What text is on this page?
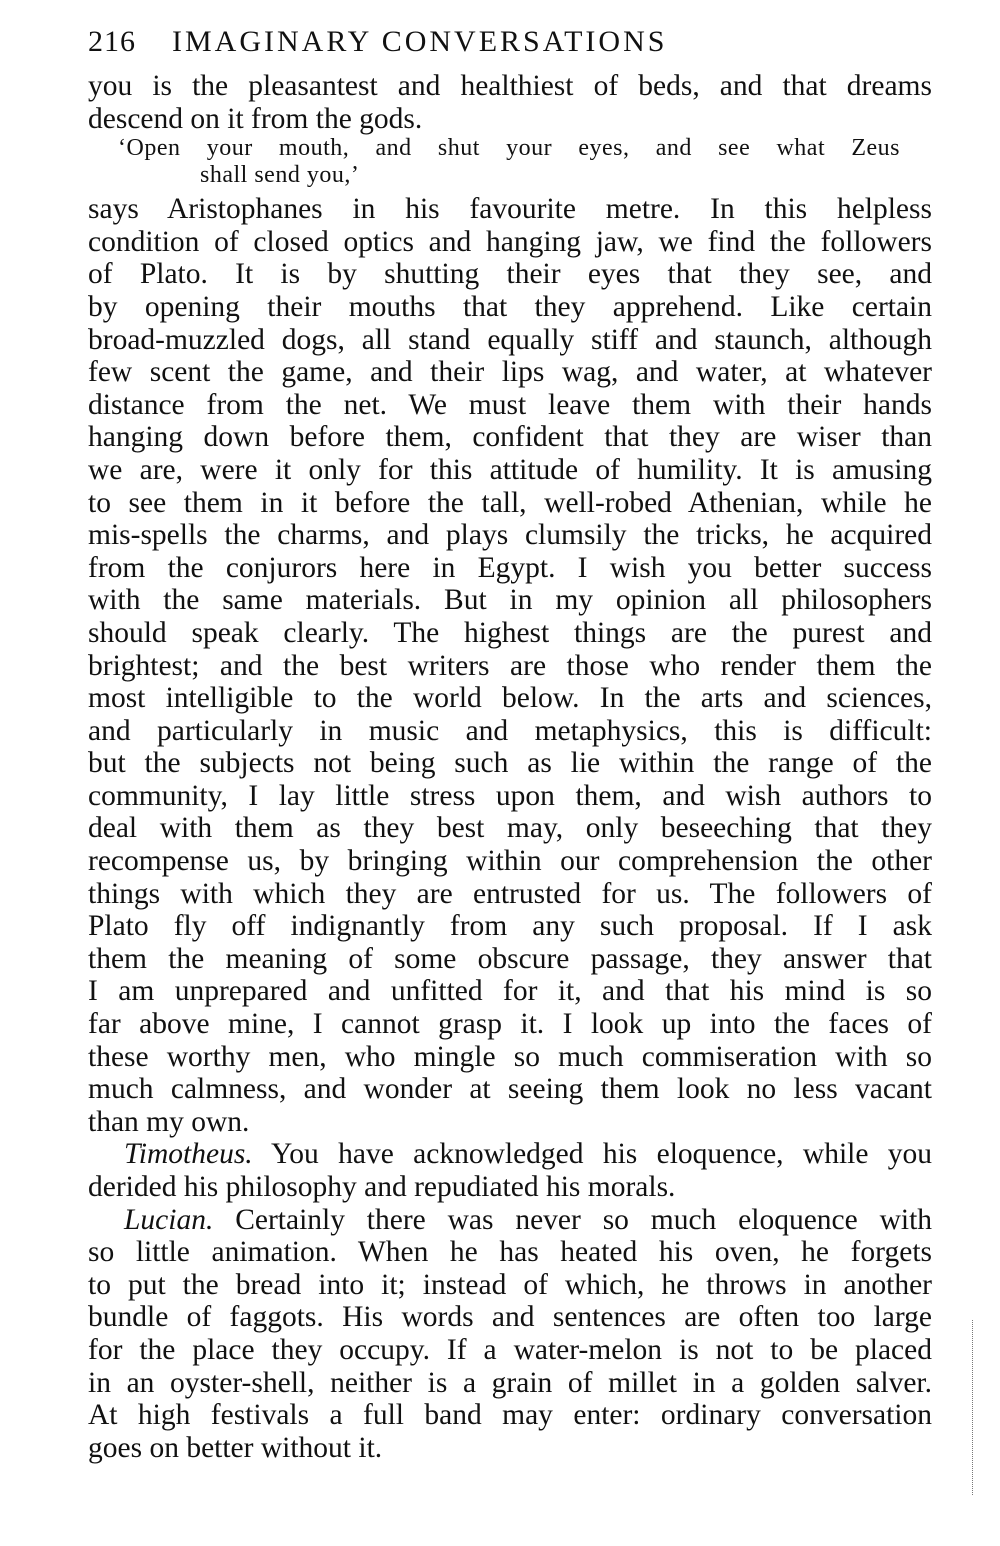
216 IMAGINARY CONVERSATIONS
you is the pleasantest and healthiest of beds, and that dreams
descend on it from the gods.
‘Open your mouth, and shut your eyes, and see what Zeus
shall send you,’
says Aristophanes in his favourite metre. In this helpless
condition of closed optics and hanging jaw, we find the followers
of Plato. It is by shutting their eyes that they see, and
by opening their mouths that they apprehend. Like certain
broad-muzzled dogs, all stand equally stiff and staunch, although
few scent the game, and their lips wag, and water, at whatever
distance from the net. We must leave them with their hands
hanging down before them, confident that they are wiser than
we are, were it only for this attitude of humility. It is amusing
to see them in it before the tall, well-robed Athenian, while he
mis-spells the charms, and plays clumsily the tricks, he acquired
from the conjurors here in Egypt. I wish you better success
with the same materials. But in my opinion all philosophers
should speak clearly. The highest things are the purest and
brightest; and the best writers are those who render them the
most intelligible to the world below. In the arts and sciences,
and particularly in music and metaphysics, this is difficult:
but the subjects not being such as lie within the range of the
community, I lay little stress upon them, and wish authors to
deal with them as they best may, only beseeching that they
recompense us, by bringing within our comprehension the other
things with which they are entrusted for us. The followers of
Plato fly off indignantly from any such proposal. If I ask
them the meaning of some obscure passage, they answer that
I am unprepared and unfitted for it, and that his mind is so
far above mine, I cannot grasp it. I look up into the faces of
these worthy men, who mingle so much commiseration with so
much calmness, and wonder at seeing them look no less vacant
than my own.
Timotheus. You have acknowledged his eloquence, while you
derided his philosophy and repudiated his morals.
Lucian. Certainly there was never so much eloquence with
so little animation. When he has heated his oven, he forgets
to put the bread into it; instead of which, he throws in another
bundle of faggots. His words and sentences are often too large
for the place they occupy. If a water-melon is not to be placed
in an oyster-shell, neither is a grain of millet in a golden salver.
At high festivals a full band may enter: ordinary conversation
goes on better without it.
